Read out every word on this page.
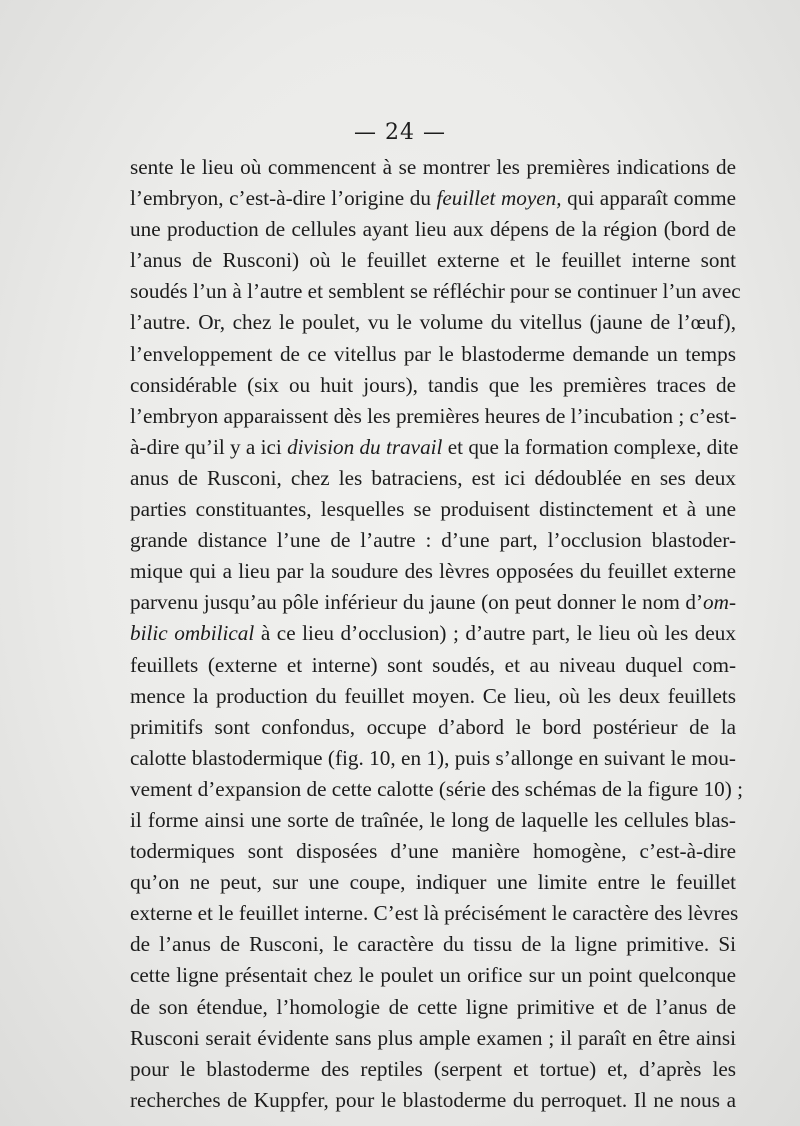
— 24 —
sente le lieu où commencent à se montrer les premières indications de
l’embryon, c’est-à-dire l’origine du feuillet moyen, qui apparaît comme
une production de cellules ayant lieu aux dépens de la région (bord de
l’anus de Rusconi) où le feuillet externe et le feuillet interne sont
soudés l’un à l’autre et semblent se réfléchir pour se continuer l’un avec
l’autre. Or, chez le poulet, vu le volume du vitellus (jaune de l’œuf),
l’enveloppement de ce vitellus par le blastoderme demande un temps
considérable (six ou huit jours), tandis que les premières traces de
l’embryon apparaissent dès les premières heures de l’incubation ; c’est-
à-dire qu’il y a ici division du travail et que la formation complexe, dite
anus de Rusconi, chez les batraciens, est ici dédoublée en ses deux
parties constituantes, lesquelles se produisent distinctement et à une
grande distance l’une de l’autre : d’une part, l’occlusion blastoder-
mique qui a lieu par la soudure des lèvres opposées du feuillet externe
parvenu jusqu’au pôle inférieur du jaune (on peut donner le nom d’om-
bilic ombilical à ce lieu d’occlusion) ; d’autre part, le lieu où les deux
feuillets (externe et interne) sont soudés, et au niveau duquel com-
mence la production du feuillet moyen. Ce lieu, où les deux feuillets
primitifs sont confondus, occupe d’abord le bord postérieur de la
calotte blastodermique (fig. 10, en 1), puis s’allonge en suivant le mou-
vement d’expansion de cette calotte (série des schémas de la figure 10) ;
il forme ainsi une sorte de traînée, le long de laquelle les cellules blas-
todermiques sont disposées d’une manière homogène, c’est-à-dire
qu’on ne peut, sur une coupe, indiquer une limite entre le feuillet
externe et le feuillet interne. C’est là précisément le caractère des lèvres
de l’anus de Rusconi, le caractère du tissu de la ligne primitive. Si
cette ligne présentait chez le poulet un orifice sur un point quelconque
de son étendue, l’homologie de cette ligne primitive et de l’anus de
Rusconi serait évidente sans plus ample examen ; il paraît en être ainsi
pour le blastoderme des reptiles (serpent et tortue) et, d’après les
recherches de Kuppfer, pour le blastoderme du perroquet. Il ne nous a
